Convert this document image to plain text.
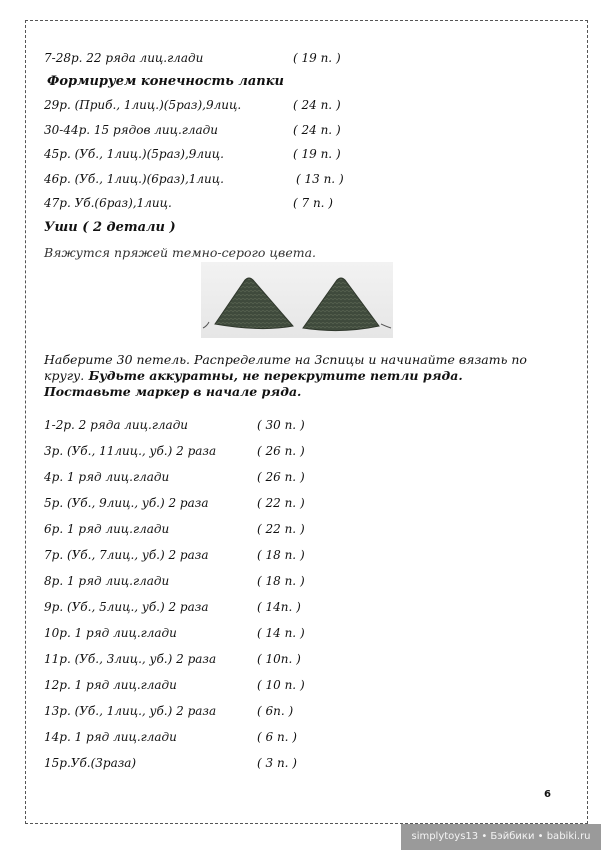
7-28р. 22 ряда лиц.глади	( 19 п. )
Формируем конечность лапки
29р. (Приб., 1лиц.)(5раз),9лиц.	( 24 п. )
30-44р. 15 рядов лиц.глади	( 24 п. )
45р. (Уб., 1лиц.)(5раз),9лиц.	( 19 п. )
46р. (Уб., 1лиц.)(6раз),1лиц.	( 13 п. )
47р. Уб.(6раз),1лиц.	( 7 п. )
Уши ( 2 детали )
Вяжутся пряжей темно-серого цвета.
Наберите 30 петель. Распределите на 3спицы и начинайте вязать по кругу. Будьте аккуратны, не перекрутите петли ряда. Поставьте маркер в начале ряда.
1-2р. 2 ряда лиц.глади	( 30 п. )
3р. (Уб., 11лиц., уб.) 2 раза	( 26 п. )
4р. 1 ряд лиц.глади	( 26 п. )
5р. (Уб., 9лиц., уб.) 2 раза	( 22 п. )
6р. 1 ряд лиц.глади	( 22 п. )
7р. (Уб., 7лиц., уб.) 2 раза	( 18 п. )
8р. 1 ряд лиц.глади	( 18 п. )
9р. (Уб., 5лиц., уб.) 2 раза	( 14п. )
10р. 1 ряд лиц.глади	( 14 п. )
11р. (Уб., 3лиц., уб.) 2 раза	( 10п. )
12р. 1 ряд лиц.глади	( 10 п. )
13р. (Уб., 1лиц., уб.) 2 раза	( 6п. )
14р. 1 ряд лиц.глади	( 6 п. )
15р.Уб.(3раза)	( 3 п. )
6
simplytoys13 • Бэйбики • babiki.ru
